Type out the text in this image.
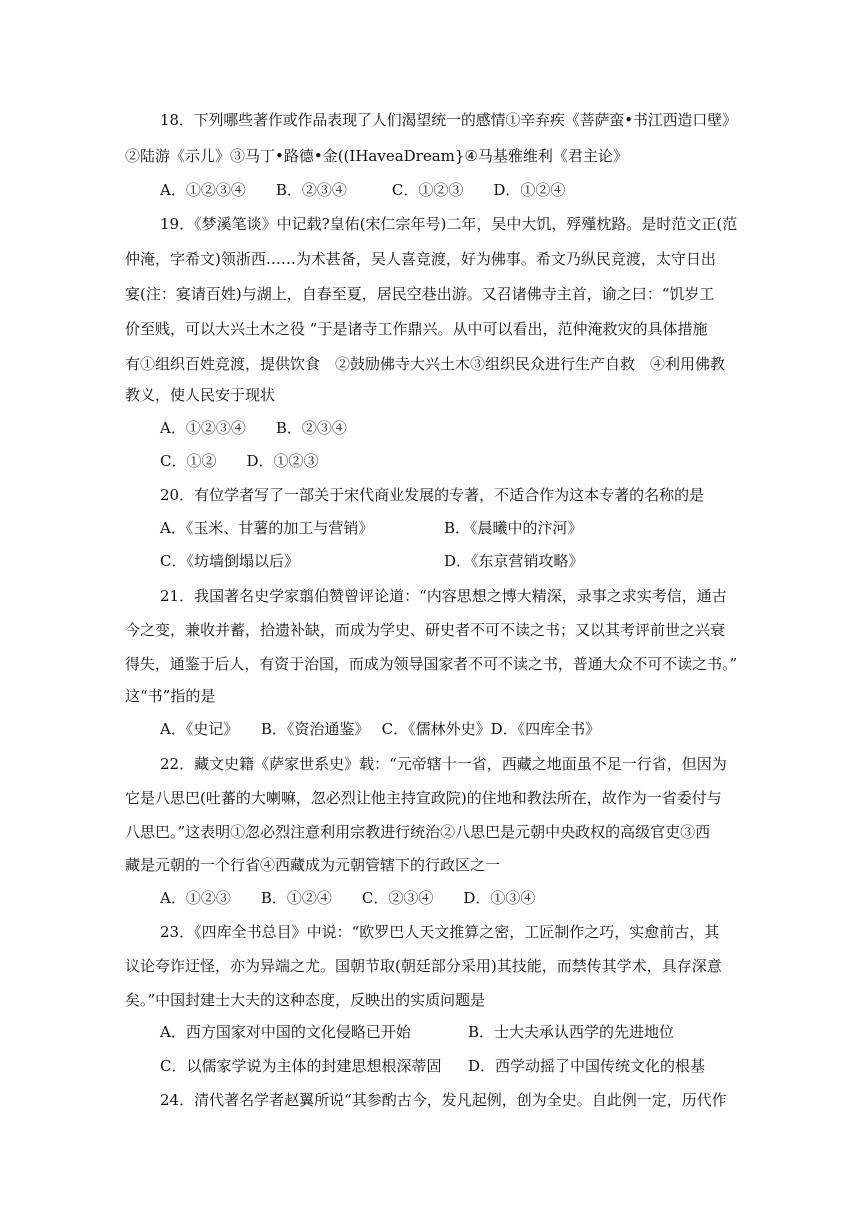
18．下列哪些著作或作品表现了人们渴望统一的感情①辛弃疾《菩萨蛮•书江西造口壁》
②陆游《示儿》③马丁•路德•金((IHaveaDream}④马基雅维利《君主论》
A．①②③④　　B．②③④　　　C．①②③　　D．①②④
19．《梦溪笔谈》中记载?皇佑(宋仁宗年号)二年，吴中大饥，殍殣枕路。是时范文正(范
仲淹，字希文)领浙西……为术甚备，吴人喜竞渡，好为佛事。希文乃纵民竞渡，太守日出
宴(注：宴请百姓)与湖上，自春至夏，居民空巷出游。又召诸佛寺主首，谕之曰：“饥岁工
价至贱，可以大兴土木之役 ”于是诸寺工作鼎兴。从中可以看出，范仲淹救灾的具体措施
有①组织百姓竞渡，提供饮食　②鼓励佛寺大兴土木③组织民众进行生产自救　④利用佛教
教义，使人民安于现状
A．①②③④　　B．②③④
C．①②　　D．①②③
20．有位学者写了一部关于宋代商业发展的专著，不适合作为这本专著的名称的是
A．《玉米、甘薯的加工与营销》	B．《晨曦中的汴河》
C．《坊墙倒塌以后》	D．《东京营销攻略》
21．我国著名史学家翦伯赞曾评论道：“内容思想之博大精深，录事之求实考信，通古
今之变，兼收并蓄，拾遗补缺，而成为学史、研史者不可不读之书；又以其考评前世之兴衰
得失，通鉴于后人，有资于治国，而成为领导国家者不可不读之书，普通大众不可不读之书。”
这“书”指的是
A．《史记》　　B．《资治通鉴》　 C．《儒林外史》D．《四库全书》
22．藏文史籍《萨家世系史》载：“元帝辖十一省，西藏之地面虽不足一行省，但因为
它是八思巴(吐蕃的大喇嘛，忽必烈让他主持宣政院)的住地和教法所在，故作为一省委付与
八思巴。”这表明①忽必烈注意利用宗教进行统治②八思巴是元朝中央政权的高级官吏③西
藏是元朝的一个行省④西藏成为元朝管辖下的行政区之一
A．①②③　　B．①②④　　C．②③④　　D．①③④
23．《四库全书总目》中说：“欧罗巴人天文推算之密，工匠制作之巧，实愈前古，其
议论夸诈迂怪，亦为异端之尤。国朝节取(朝廷部分采用)其技能，而禁传其学术，具存深意
矣。”中国封建士大夫的这种态度，反映出的实质问题是
A．西方国家对中国的文化侵略已开始	B．士大夫承认西学的先进地位
C．以儒家学说为主体的封建思想根深蒂固 D．西学动摇了中国传统文化的根基
24．清代著名学者赵翼所说“其参酌古今，发凡起例，创为全史。自此例一定，历代作
